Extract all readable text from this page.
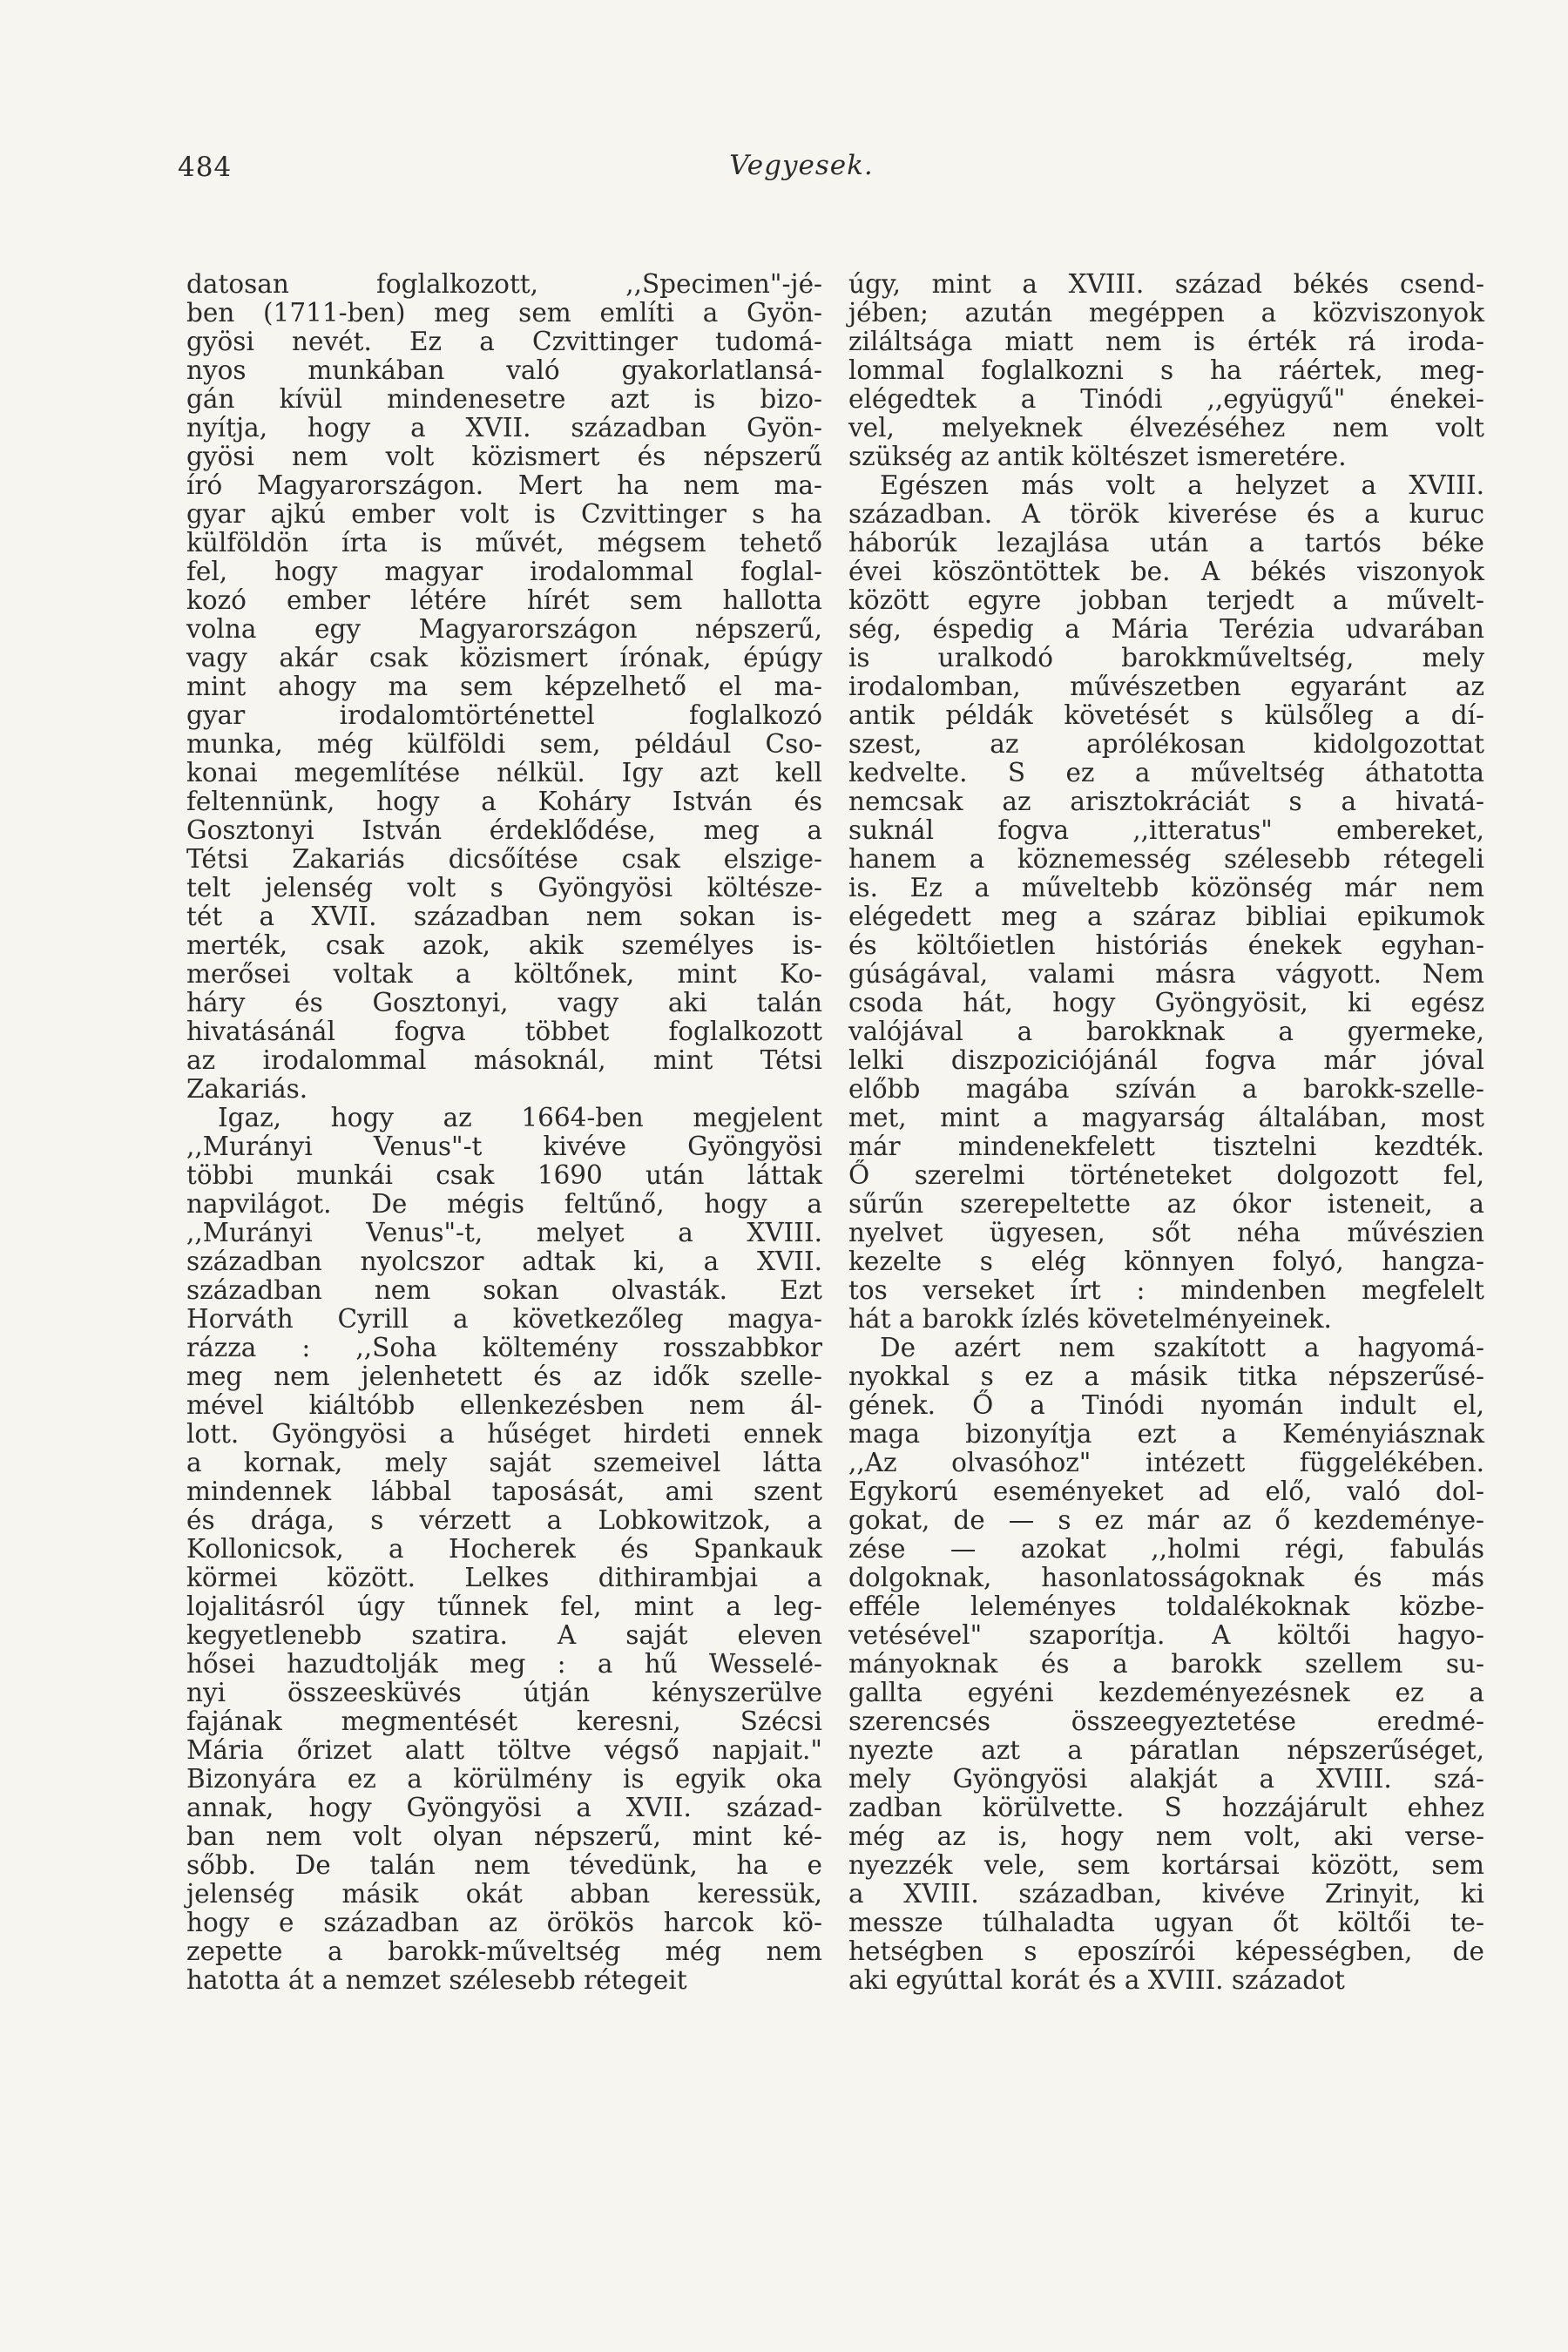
484	Vegyesek.
datosan foglalkozott, ,,Specimen"-jé-
ben (1711-ben) meg sem említi a Gyön-
gyösi nevét. Ez a Czvittinger tudomá-
nyos munkában való gyakorlatlansá-
gán kívül mindenesetre azt is bizo-
nyítja, hogy a XVII. században Gyön-
gyösi nem volt közismert és népszerű
író Magyarországon. Mert ha nem ma-
gyar ajkú ember volt is Czvittinger s ha
külföldön írta is művét, mégsem tehető
fel, hogy magyar irodalommal foglal-
kozó ember létére hírét sem hallotta
volna egy Magyarországon népszerű,
vagy akár csak közismert írónak, épúgy
mint ahogy ma sem képzelhető el ma-
gyar irodalomtörténettel foglalkozó
munka, még külföldi sem, például Cso-
konai megemlítése nélkül. Igy azt kell
feltennünk, hogy a Koháry István és
Gosztonyi István érdeklődése, meg a
Tétsi Zakariás dicsőítése csak elszige-
telt jelenség volt s Gyöngyösi költésze-
tét a XVII. században nem sokan is-
merték, csak azok, akik személyes is-
merősei voltak a költőnek, mint Ko-
háry és Gosztonyi, vagy aki talán
hivatásánál fogva többet foglalkozott
az irodalommal másoknál, mint Tétsi
Zakariás.
Igaz, hogy az 1664-ben megjelent
,,Murányi Venus"-t kivéve Gyöngyösi
többi munkái csak 1690 után láttak
napvilágot. De mégis feltűnő, hogy a
,,Murányi Venus"-t, melyet a XVIII.
században nyolcszor adtak ki, a XVII.
században nem sokan olvasták. Ezt
Horváth Cyrill a következőleg magya-
rázza : ,,Soha költemény rosszabbkor
meg nem jelenhetett és az idők szelle-
mével kiáltóbb ellenkezésben nem ál-
lott. Gyöngyösi a hűséget hirdeti ennek
a kornak, mely saját szemeivel látta
mindennek lábbal taposását, ami szent
és drága, s vérzett a Lobkowitzok, a
Kollonicsok, a Hocherek és Spankauk
körmei között. Lelkes dithirambjai a
lojalitásról úgy tűnnek fel, mint a leg-
kegyetlenebb szatira. A saját eleven
hősei hazudtolják meg : a hű Wesselé-
nyi összeesküvés útján kényszerülve
fajának megmentését keresni, Szécsi
Mária őrizet alatt töltve végső napjait."
Bizonyára ez a körülmény is egyik oka
annak, hogy Gyöngyösi a XVII. század-
ban nem volt olyan népszerű, mint ké-
sőbb. De talán nem tévedünk, ha e
jelenség másik okát abban keressük,
hogy e században az örökös harcok kö-
zepette a barokk-műveltség még nem
hatotta át a nemzet szélesebb rétegeit
úgy, mint a XVIII. század békés csend-
jében; azután megéppen a közviszonyok
ziláltsága miatt nem is érték rá iroda-
lommal foglalkozni s ha ráértek, meg-
elégedtek a Tinódi ,,együgyű" énekei-
vel, melyeknek élvezéséhez nem volt
szükség az antik költészet ismeretére.
Egészen más volt a helyzet a XVIII.
században. A török kiverése és a kuruc
háborúk lezajlása után a tartós béke
évei köszöntöttek be. A békés viszonyok
között egyre jobban terjedt a művelt-
ség, éspedig a Mária Terézia udvarában
is uralkodó barokkműveltség, mely
irodalomban, művészetben egyaránt az
antik példák követését s külsőleg a dí-
szest, az aprólékosan kidolgozottat
kedvelte. S ez a műveltség áthatotta
nemcsak az arisztokráciát s a hivatá-
suknál fogva ,,itteratus" embereket,
hanem a köznemesség szélesebb rétegeli
is. Ez a műveltebb közönség már nem
elégedett meg a száraz bibliai epikumok
és költőietlen históriás énekek egyhan-
gúságával, valami másra vágyott. Nem
csoda hát, hogy Gyöngyösit, ki egész
valójával a barokknak a gyermeke,
lelki diszpoziciójánál fogva már jóval
előbb magába szíván a barokk-szelle-
met, mint a magyarság általában, most
már mindenekfelett tisztelni kezdték.
Ő szerelmi történeteket dolgozott fel,
sűrűn szerepeltette az ókor isteneit, a
nyelvet ügyesen, sőt néha művészien
kezelte s elég könnyen folyó, hangza-
tos verseket írt : mindenben megfelelt
hát a barokk ízlés követelményeinek.
De azért nem szakított a hagyomá-
nyokkal s ez a másik titka népszerűsé-
gének. Ő a Tinódi nyomán indult el,
maga bizonyítja ezt a Keményiásznak
,,Az olvasóhoz" intézett függelékében.
Egykorú eseményeket ad elő, való dol-
gokat, de — s ez már az ő kezdeménye-
zése — azokat ,,holmi régi, fabulás
dolgoknak, hasonlatosságoknak és más
efféle leleményes toldalékoknak közbe-
vetésével" szaporítja. A költői hagyo-
mányoknak és a barokk szellem su-
gallta egyéni kezdeményezésnek ez a
szerencsés összeegyeztetése eredmé-
nyezte azt a páratlan népszerűséget,
mely Gyöngyösi alakját a XVIII. szá-
zadban körülvette. S hozzájárult ehhez
még az is, hogy nem volt, aki verse-
nyezzék vele, sem kortársai között, sem
a XVIII. században, kivéve Zrinyit, ki
messze túlhaladta ugyan őt költői te-
hetségben s eposzírói képességben, de
aki egyúttal korát és a XVIII. századot
